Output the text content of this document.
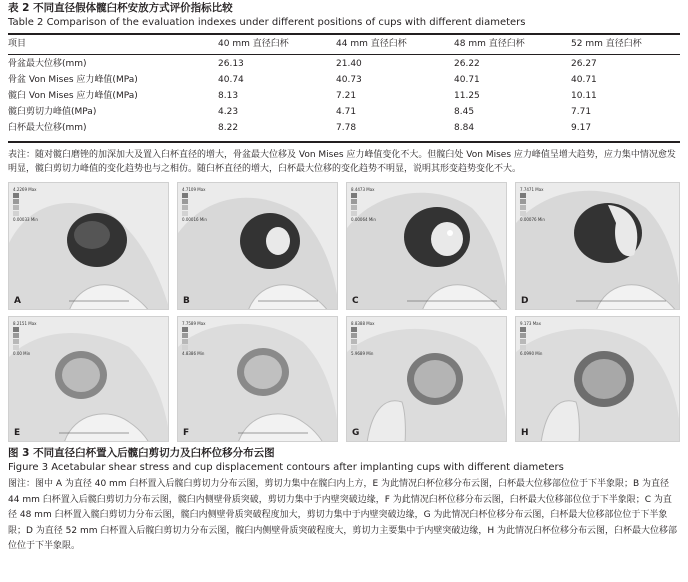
表 2 不同直径假体髋臼杯安放方式评价指标比较
Table 2 Comparison of the evaluation indexes under different positions of cups with different diameters
项目	40 mm 直径臼杯	44 mm 直径臼杯	48 mm 直径臼杯	52 mm 直径臼杯
骨盆最大位移(mm)	26.13	21.40	26.22	26.27
骨盆 Von Mises 应力峰值(MPa)	40.74	40.73	40.71	40.71
髋臼 Von Mises 应力峰值(MPa)	8.13	7.21	11.25	10.11
髋臼剪切力峰值(MPa)	4.23	4.71	8.45	7.71
臼杯最大位移(mm)	8.22	7.78	8.84	9.17
表注：随对髋臼磨锉的加深加大及置入臼杯直径的增大，骨盆最大位移及 Von Mises 应力峰值变化不大。但髋臼处 Von Mises 应力峰值呈增大趋势，应力集中情况愈发明显，髋臼剪切力峰值的变化趋势也与之相仿。随臼杯直径的增大，臼杯最大位移的变化趋势不明显，说明其形变趋势变化不大。
4.2269 Max
0.00033 Min
A
4.7109 Max
0.00016 Min
B
8.4473 Max
0.00064 Min
C
7.7471 Max
0.00076 Min
D
8.2151 Max
0.00 Min
E
7.7589 Max
4.8386 Min
F
8.8388 Max
5.9689 Min
G
9.173 Max
6.0990 Min
H
图 3 不同直径臼杯置入后髋臼剪切力及臼杯位移分布云图
Figure 3 Acetabular shear stress and cup displacement contours after implanting cups with different diameters
图注：图中 A 为直径 40 mm 臼杯置入后髋臼剪切力分布云图，剪切力集中在髋臼内上方，E 为此情况臼杯位移分布云图，臼杯最大位移部位位于下半象限；B 为直径 44 mm 臼杯置入后髋臼剪切力分布云图，髋臼内侧壁骨质突破，剪切力集中于内壁突破边缘，F 为此情况臼杯位移分布云图，臼杯最大位移部位位于下半象限；C 为直径 48 mm 臼杯置入髋臼剪切力分布云图，髋臼内侧壁骨质突破程度加大，剪切力集中于内壁突破边缘，G 为此情况臼杯位移分布云图，臼杯最大位移部位位于下半象限；D 为直径 52 mm 臼杯置入后髋臼剪切力分布云图，髋臼内侧壁骨质突破程度大，剪切力主要集中于内壁突破边缘，H 为此情况臼杯位移分布云图，臼杯最大位移部位位于下半象限。
